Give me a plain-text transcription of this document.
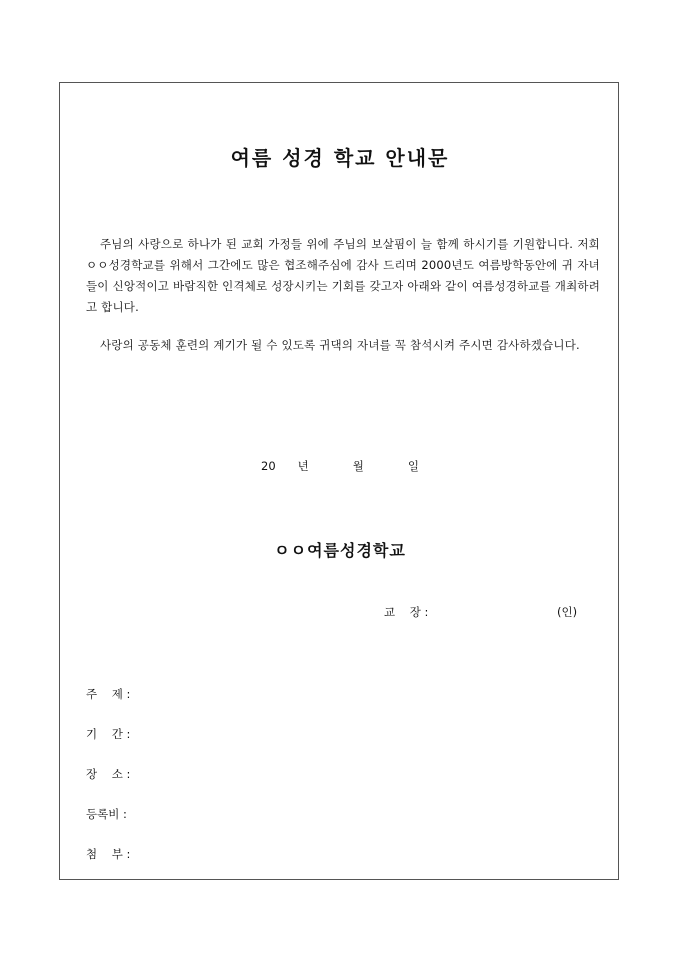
여름 성경 학교 안내문

주님의 사랑으로 하나가 된 교회 가정들 위에 주님의 보살핌이 늘 함께 하시기를 기원합니다. 저희 ㅇㅇ성경학교를 위해서 그간에도 많은 협조해주심에 감사 드리며 2000년도 여름방학동안에 귀 자녀들이 신앙적이고 바람직한 인격체로 성장시키는 기회를 갖고자 아래와 같이 여름성경하교를 개최하려고 합니다.

사랑의 공동체 훈련의 계기가 될 수 있도록 귀댁의 자녀를 꼭 참석시켜 주시면 감사하겠습니다.

20 년	월	일
ㅇㅇ여름성경학교
교    장 :	(인)
주    제 :
기    간 :
장    소 :
등록비 :
첨    부 :
